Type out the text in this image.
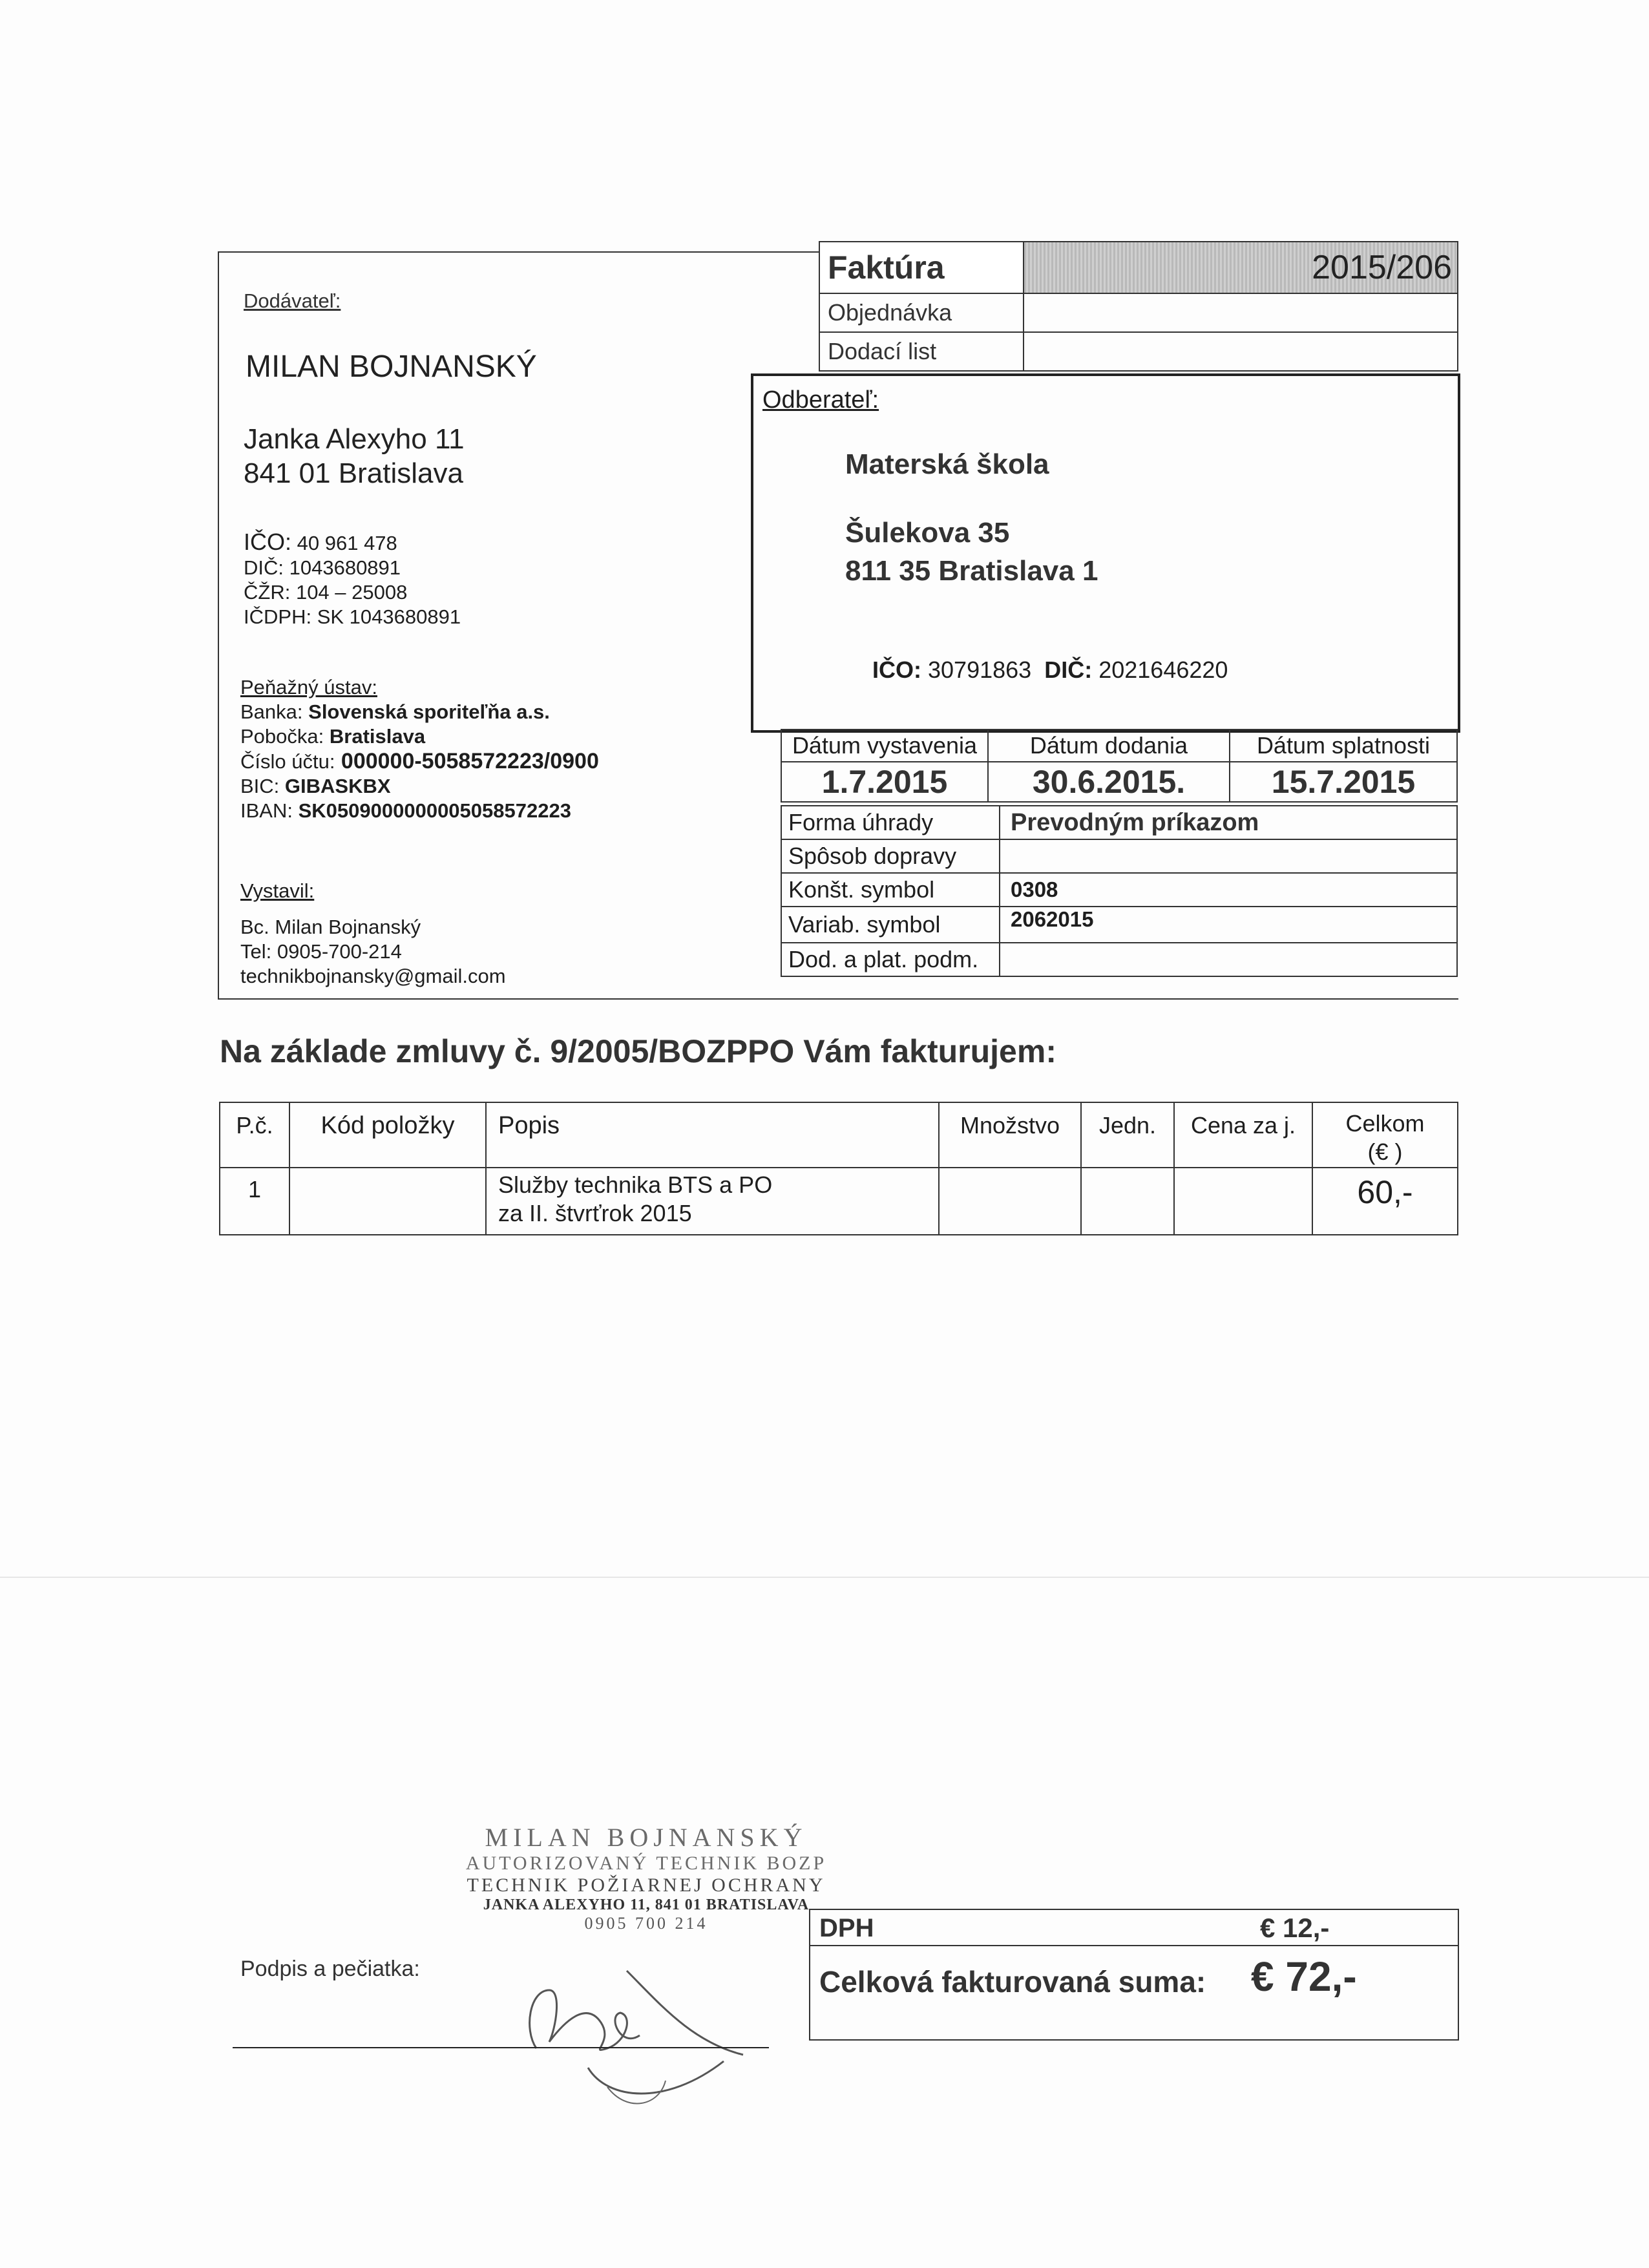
Dodávateľ:
MILAN BOJNANSKÝ
Janka Alexyho 11
841 01 Bratislava
IČO: 40 961 478
DIČ: 1043680891
ČŽR: 104 – 25008
IČDPH: SK 1043680891
Peňažný ústav:
Banka: Slovenská sporiteľňa a.s.
Pobočka: Bratislava
Číslo účtu: 000000-5058572223/0900
BIC: GIBASKBX
IBAN: SK0509000000005058572223
Vystavil:
Bc. Milan Bojnanský
Tel: 0905-700-214
technikbojnansky@gmail.com
Faktúra	2015/206
Objednávka	
Dodací list	
Odberateľ:
Materská škola
Šulekova 35
811 35 Bratislava 1
IČO: 30791863 DIČ: 2021646220
Dátum vystavenia	Dátum dodania	Dátum splatnosti
1.7.2015	30.6.2015.	15.7.2015
Forma úhrady	Prevodným príkazom
Spôsob dopravy	
Konšt. symbol	0308
Variab. symbol	2062015
Dod. a plat. podm.	
Na základe zmluvy č. 9/2005/BOZPPO Vám fakturujem:
P.č.	Kód položky	Popis	Množstvo	Jedn.	Cena za j.	Celkom
(€ )

1		Služby technika BTS a PO
za II. štvrťrok 2015				60,-
MILAN BOJNANSKÝ
AUTORIZOVANÝ TECHNIK BOZP
TECHNIK POŽIARNEJ OCHRANY
JANKA ALEXYHO 11, 841 01 BRATISLAVA
0905 700 214
Podpis a pečiatka:
DPH	€ 12,-
Celková fakturovaná suma: € 72,-
